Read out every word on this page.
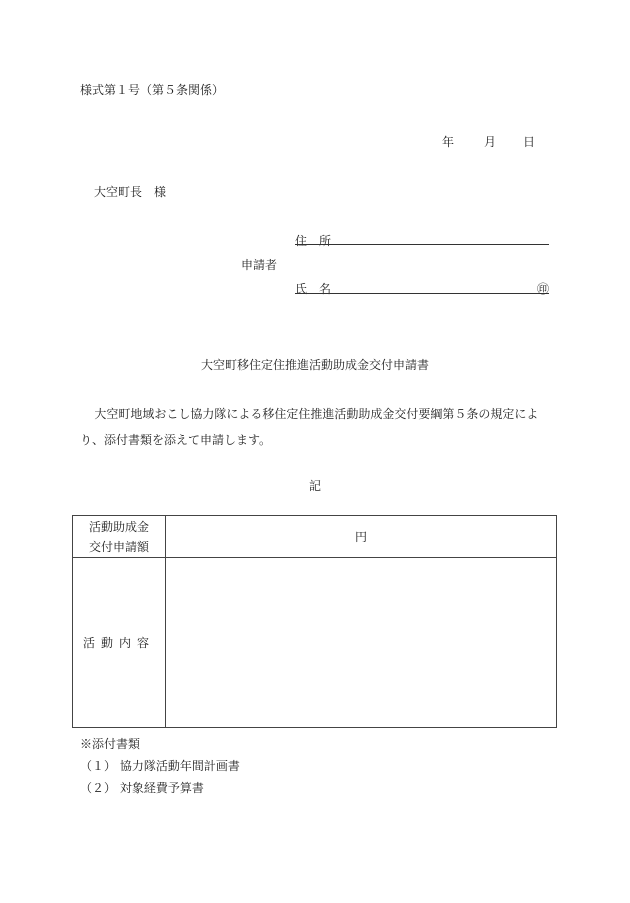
様式第１号（第５条関係）
年 月 日
大空町長　様
住　所
申請者
氏　名	㊞
大空町移住定住推進活動助成金交付申請書
大空町地域おこし協力隊による移住定住推進活動助成金交付要綱第５条の規定により、添付書類を添えて申請します。
記
活動助成金
交付申請額	円
活動内容	
※添付書類
（１） 協力隊活動年間計画書
（２） 対象経費予算書
